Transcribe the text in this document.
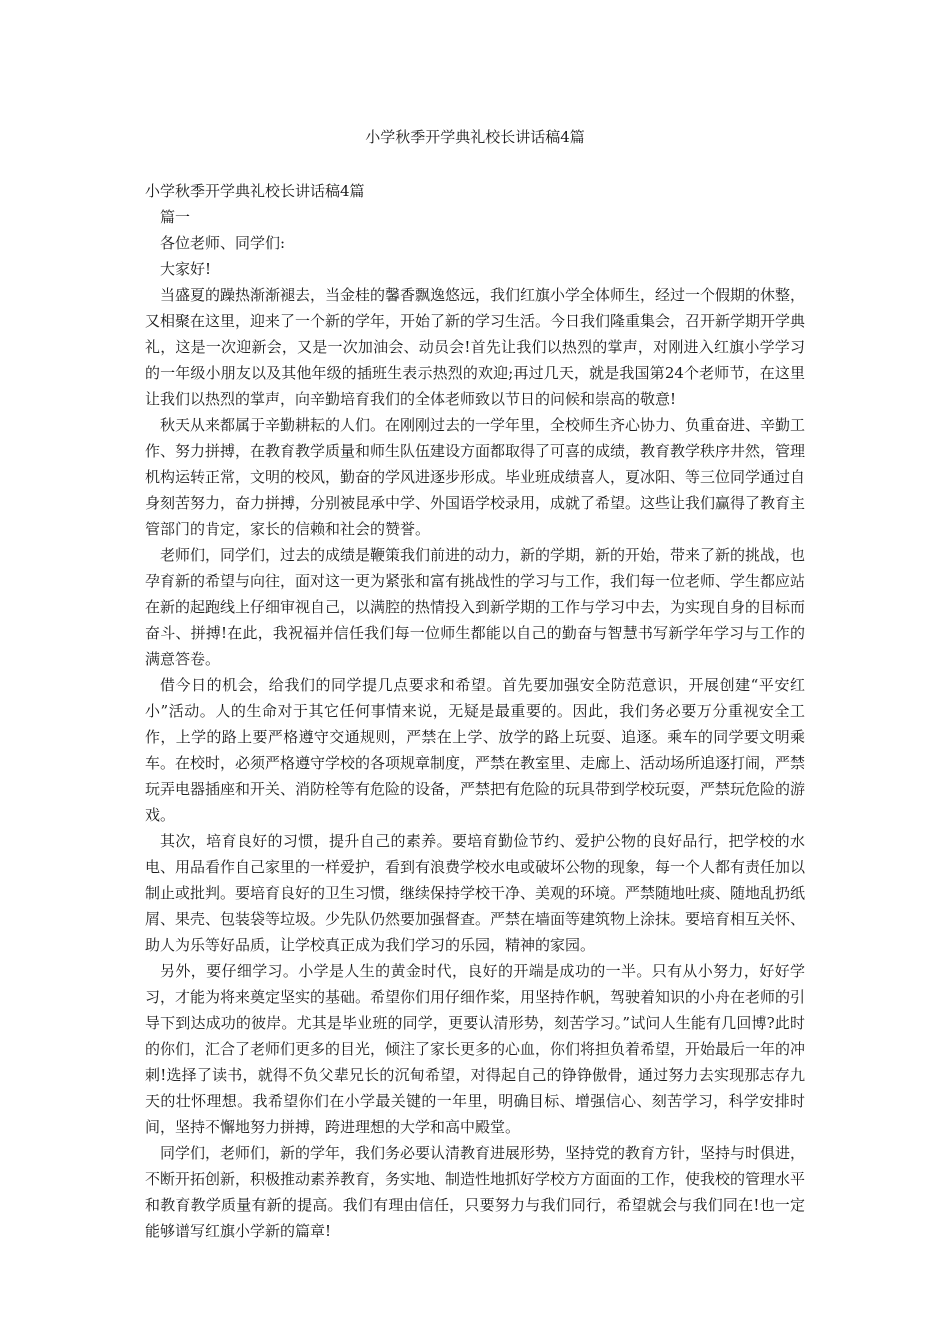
小学秋季开学典礼校长讲话稿4篇

小学秋季开学典礼校长讲话稿4篇

篇一

各位老师、同学们:

大家好!

当盛夏的躁热渐渐褪去，当金桂的馨香飘逸悠远，我们红旗小学全体师生，经过一个假期的休整，又相聚在这里，迎来了一个新的学年，开始了新的学习生活。今日我们隆重集会，召开新学期开学典礼，这是一次迎新会，又是一次加油会、动员会!首先让我们以热烈的掌声，对刚进入红旗小学学习的一年级小朋友以及其他年级的插班生表示热烈的欢迎;再过几天，就是我国第24个老师节，在这里让我们以热烈的掌声，向辛勤培育我们的全体老师致以节日的问候和崇高的敬意!

秋天从来都属于辛勤耕耘的人们。在刚刚过去的一学年里，全校师生齐心协力、负重奋进、辛勤工作、努力拼搏，在教育教学质量和师生队伍建设方面都取得了可喜的成绩，教育教学秩序井然，管理机构运转正常，文明的校风，勤奋的学风进逐步形成。毕业班成绩喜人，夏冰阳、等三位同学通过自身刻苦努力，奋力拼搏，分别被昆承中学、外国语学校录用，成就了希望。这些让我们赢得了教育主管部门的肯定，家长的信赖和社会的赞誉。

老师们，同学们，过去的成绩是鞭策我们前进的动力，新的学期，新的开始，带来了新的挑战，也孕育新的希望与向往，面对这一更为紧张和富有挑战性的学习与工作，我们每一位老师、学生都应站在新的起跑线上仔细审视自己，以满腔的热情投入到新学期的工作与学习中去，为实现自身的目标而奋斗、拼搏!在此，我祝福并信任我们每一位师生都能以自己的勤奋与智慧书写新学年学习与工作的满意答卷。

借今日的机会，给我们的同学提几点要求和希望。首先要加强安全防范意识，开展创建“平安红小”活动。人的生命对于其它任何事情来说，无疑是最重要的。因此，我们务必要万分重视安全工作，上学的路上要严格遵守交通规则，严禁在上学、放学的路上玩耍、追逐。乘车的同学要文明乘车。在校时，必须严格遵守学校的各项规章制度，严禁在教室里、走廊上、活动场所追逐打闹，严禁玩弄电器插座和开关、消防栓等有危险的设备，严禁把有危险的玩具带到学校玩耍，严禁玩危险的游戏。

其次，培育良好的习惯，提升自己的素养。要培育勤俭节约、爱护公物的良好品行，把学校的水电、用品看作自己家里的一样爱护，看到有浪费学校水电或破坏公物的现象，每一个人都有责任加以制止或批判。要培育良好的卫生习惯，继续保持学校干净、美观的环境。严禁随地吐痰、随地乱扔纸屑、果壳、包装袋等垃圾。少先队仍然要加强督查。严禁在墙面等建筑物上涂抹。要培育相互关怀、助人为乐等好品质，让学校真正成为我们学习的乐园，精神的家园。

另外，要仔细学习。小学是人生的黄金时代，良好的开端是成功的一半。只有从小努力，好好学习，才能为将来奠定坚实的基础。希望你们用仔细作桨，用坚持作帆，驾驶着知识的小舟在老师的引导下到达成功的彼岸。尤其是毕业班的同学，更要认清形势，刻苦学习。”试问人生能有几回博?此时的你们，汇合了老师们更多的目光，倾注了家长更多的心血，你们将担负着希望，开始最后一年的冲刺!选择了读书，就得不负父辈兄长的沉甸希望，对得起自己的铮铮傲骨，通过努力去实现那志存九天的壮怀理想。我希望你们在小学最关键的一年里，明确目标、增强信心、刻苦学习，科学安排时间，坚持不懈地努力拼搏，跨进理想的大学和高中殿堂。

同学们，老师们，新的学年，我们务必要认清教育进展形势，坚持党的教育方针，坚持与时俱进，不断开拓创新，积极推动素养教育，务实地、制造性地抓好学校方方面面的工作，使我校的管理水平和教育教学质量有新的提高。我们有理由信任，只要努力与我们同行，希望就会与我们同在!也一定能够谱写红旗小学新的篇章!
